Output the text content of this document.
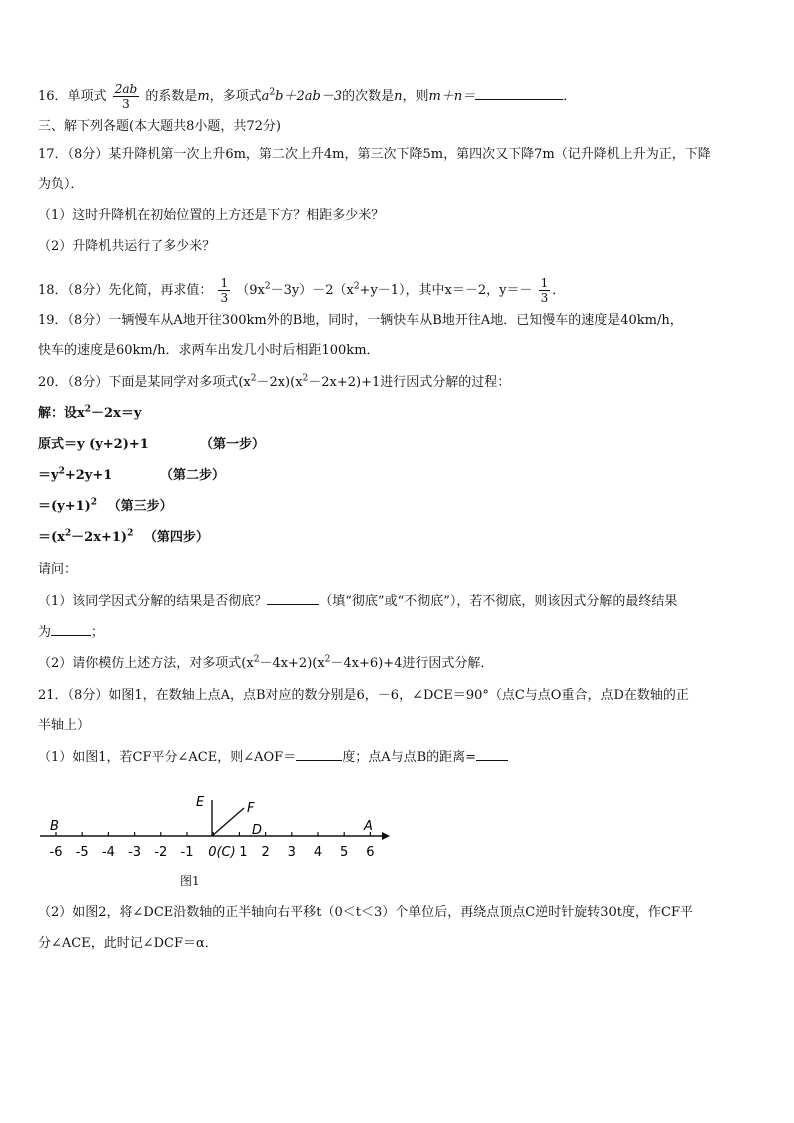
16．单项式 $\frac{2ab}{3}$ 的系数是m，多项式$a^2b+2ab-3$的次数是n，则m＋n＝	．
三、解下列各题(本大题共8小题，共72分)
17．（8分）某升降机第一次上升6m，第二次上升4m，第三次下降5m，第四次又下降7m（记升降机上升为正，下降
为负）．
（1）这时升降机在初始位置的上方还是下方？相距多少米？
（2）升降机共运行了多少米？
18．（8分）先化简，再求值： $\frac{1}{3} (9x^2-3y)-2(x^2+y-1)$，其中x＝－2，$y=- \frac{1}{3}$ ．
19．（8分）一辆慢车从A地开往300km外的B地，同时，一辆快车从B地开往A地．已知慢车的速度是40km/h，
快车的速度是60km/h．求两车出发几小时后相距100km．
20．（8分）下面是某同学对多项式$(x^2-2x)(x^2-2x+2)+1$进行因式分解的过程：
解：设$x^2-2x=y$
原式＝y (y+2)+1	（第一步）
$=y^2+2y+1$	（第二步）
$=(y+1)^2$ （第三步）
$=(x^2-2x+1)^2$ （第四步）
请问：
（1）该同学因式分解的结果是否彻底？	（填“彻底”或“不彻底”），若不彻底，则该因式分解的最终结果
为	；
（2）请你模仿上述方法，对多项式$(x^2-4x+2)(x^2-4x+6)+4$进行因式分解．
21．（8分）如图1，在数轴上点A，点B对应的数分别是6，－6，∠DCE＝90°（点C与点O重合，点D在数轴的正
半轴上）
（1）如图1，若CF平分∠ACE，则∠AOF＝	度；点A与点B的距离=
-6 -5 -4 -3 -2 -1 0(C) 1 2 3 4 5 6
E	F
D
B	A
图1
（2）如图2，将∠DCE沿数轴的正半轴向右平移t（0＜t＜3）个单位后，再绕点顶点C逆时针旋转30t度，作CF平
分∠ACE，此时记∠DCF＝α．
